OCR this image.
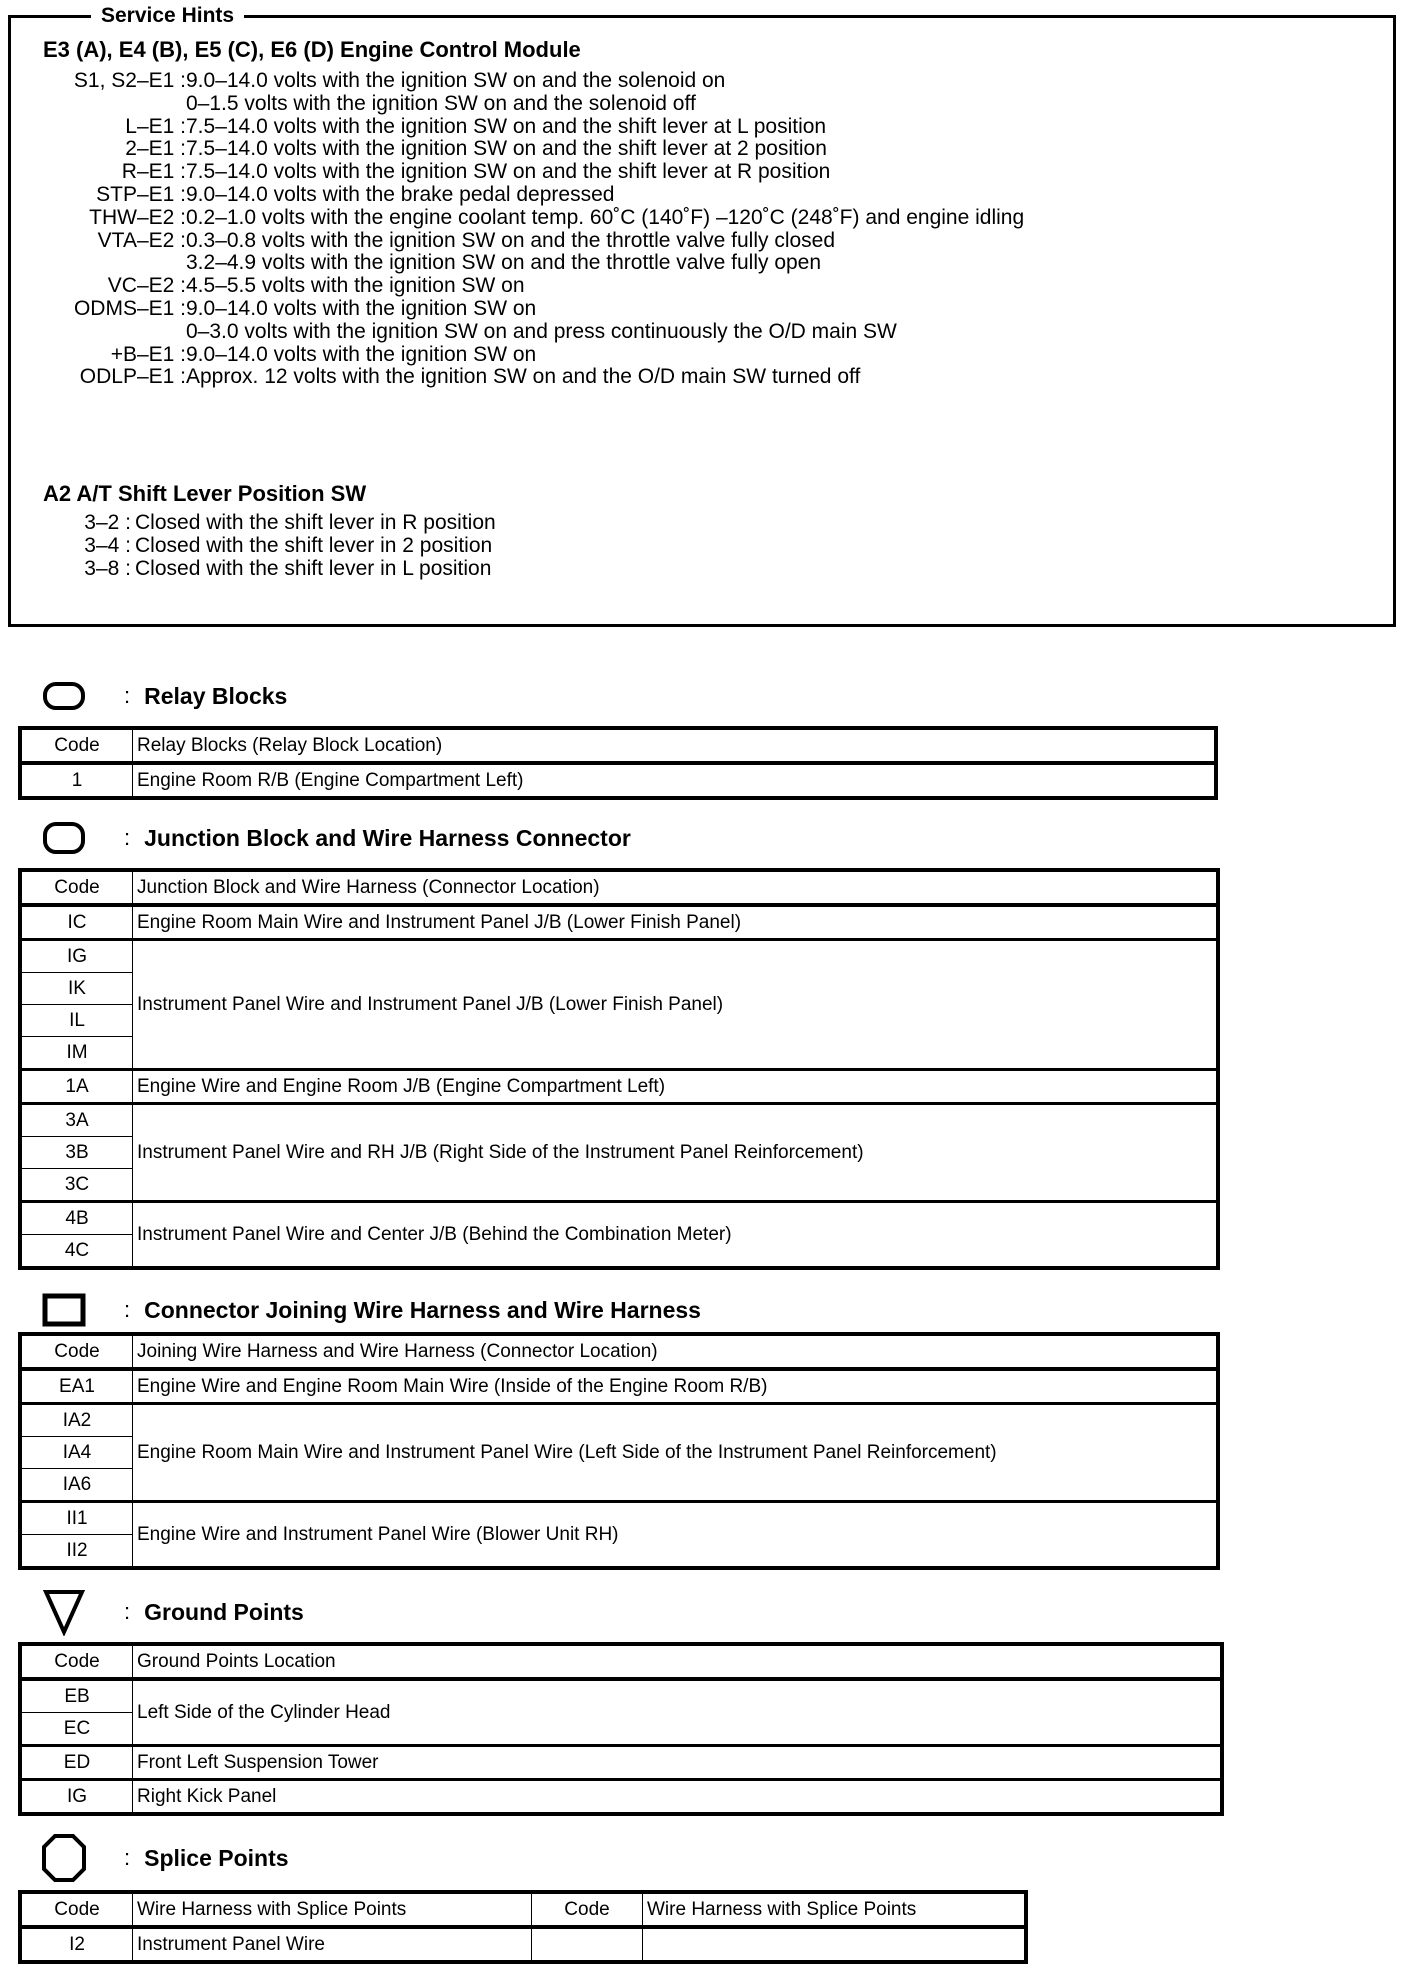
Service Hints
E3 (A), E4 (B), E5 (C), E6 (D) Engine Control Module
S1, S2–E1 : 9.0–14.0 volts with the ignition SW on and the solenoid on
0–1.5 volts with the ignition SW on and the solenoid off
L–E1 : 7.5–14.0 volts with the ignition SW on and the shift lever at L position
2–E1 : 7.5–14.0 volts with the ignition SW on and the shift lever at 2 position
R–E1 : 7.5–14.0 volts with the ignition SW on and the shift lever at R position
STP–E1 : 9.0–14.0 volts with the brake pedal depressed
THW–E2 : 0.2–1.0 volts with the engine coolant temp. 60˚C (140˚F) –120˚C (248˚F) and engine idling
VTA–E2 : 0.3–0.8 volts with the ignition SW on and the throttle valve fully closed
3.2–4.9 volts with the ignition SW on and the throttle valve fully open
VC–E2 : 4.5–5.5 volts with the ignition SW on
ODMS–E1 : 9.0–14.0 volts with the ignition SW on
0–3.0 volts with the ignition SW on and press continuously the O/D main SW
+B–E1 : 9.0–14.0 volts with the ignition SW on
ODLP–E1 : Approx. 12 volts with the ignition SW on and the O/D main SW turned off
A2 A/T Shift Lever Position SW
3–2 : Closed with the shift lever in R position
3–4 : Closed with the shift lever in 2 position
3–8 : Closed with the shift lever in L position
: Relay Blocks
Code	Relay Blocks (Relay Block Location)
1	Engine Room R/B (Engine Compartment Left)
: Junction Block and Wire Harness Connector
Code	Junction Block and Wire Harness (Connector Location)
IC	Engine Room Main Wire and Instrument Panel J/B (Lower Finish Panel)
IG	Instrument Panel Wire and Instrument Panel J/B (Lower Finish Panel)
IK	
IL	
IM	
1A	Engine Wire and Engine Room J/B (Engine Compartment Left)
3A	Instrument Panel Wire and RH J/B (Right Side of the Instrument Panel Reinforcement)
3B	
3C	
4B	Instrument Panel Wire and Center J/B (Behind the Combination Meter)
4C	
: Connector Joining Wire Harness and Wire Harness
Code	Joining Wire Harness and Wire Harness (Connector Location)
EA1	Engine Wire and Engine Room Main Wire (Inside of the Engine Room R/B)
IA2	Engine Room Main Wire and Instrument Panel Wire (Left Side of the Instrument Panel Reinforcement)
IA4	
IA6	
II1	Engine Wire and Instrument Panel Wire (Blower Unit RH)
II2	
: Ground Points
Code	Ground Points Location
EB	Left Side of the Cylinder Head
EC	
ED	Front Left Suspension Tower
IG	Right Kick Panel
: Splice Points
Code	Wire Harness with Splice Points	Code	Wire Harness with Splice Points
I2	Instrument Panel Wire		
